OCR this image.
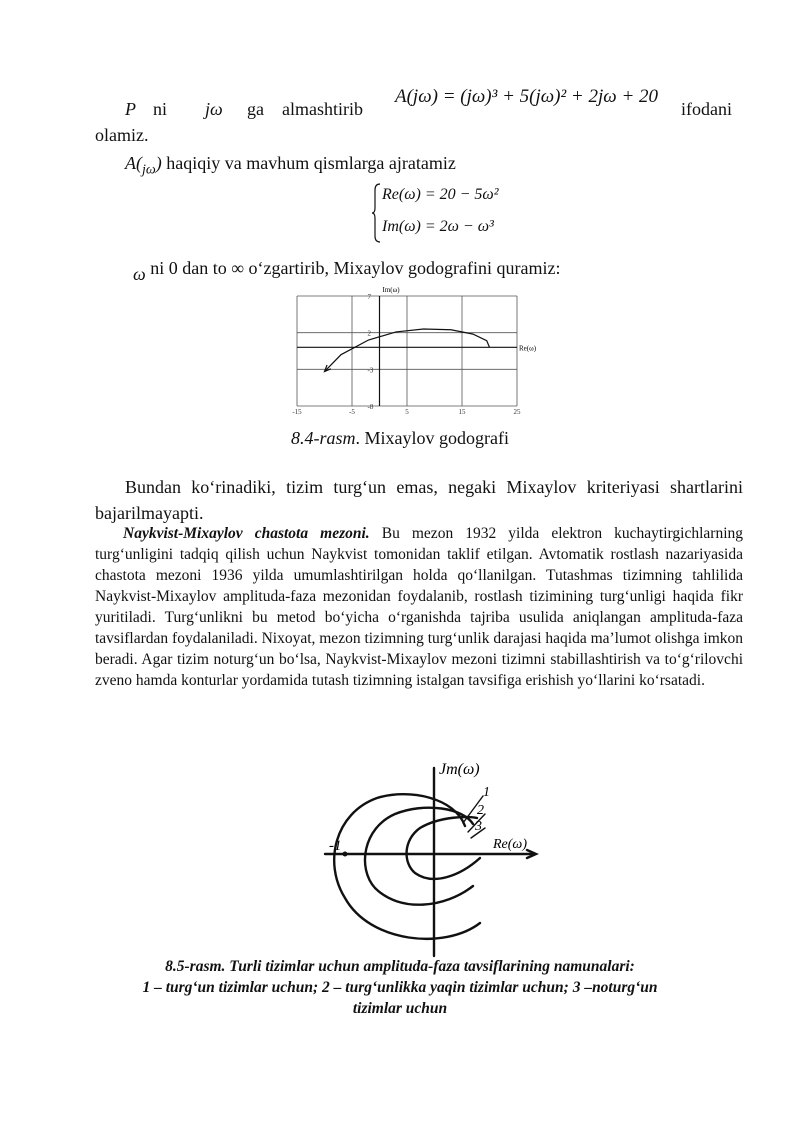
P ni jω ga almashtirib
A(jω) = (jω)³ + 5(jω)² + 2jω + 20
ifodani
olamiz.
$A(_{j\omega})$ haqiqiy va mavhum qismlarga ajratamiz
Re(ω) = 20 − 5ω²
Im(ω) = 2ω − ω³
ω ni 0 dan to ∞ o‘zgartirib, Mixaylov godografini quramiz:
-15	-5	5	15	25
7
2
-3
-8
Im(ω)
Re(ω)
8.4-rasm. Mixaylov godografi
Bundan ko‘rinadiki, tizim turg‘un emas, negaki Mixaylov kriteriyasi shartlarini bajarilmayapti.
Naykvist-Mixaylov chastota mezoni. Bu mezon 1932 yilda elektron kuchaytirgichlarning turg‘unligini tadqiq qilish uchun Naykvist tomonidan taklif etilgan. Avtomatik rostlash nazariyasida chastota mezoni 1936 yilda umumlashtirilgan holda qo‘llanilgan. Tutashmas tizimning tahlilida Naykvist-Mixaylov amplituda-faza mezonidan foydalanib, rostlash tizimining turg‘unligi haqida fikr yuritiladi. Turg‘unlikni bu metod bo‘yicha o‘rganishda tajriba usulida aniqlangan amplituda-faza tavsiflardan foydalaniladi. Nixoyat, mezon tizimning turg‘unlik darajasi haqida ma’lumot olishga imkon beradi. Agar tizim noturg‘un bo‘lsa, Naykvist-Mixaylov mezoni tizimni stabillashtirish va to‘g‘rilovchi zveno hamda konturlar yordamida tutash tizimning istalgan tavsifiga erishish yo‘llarini ko‘rsatadi.
-1
Jm(ω)
Re(ω)
1
2
3
8.5-rasm. Turli tizimlar uchun amplituda-faza tavsiflarining namunalari:
1 – turg‘un tizimlar uchun; 2 – turg‘unlikka yaqin tizimlar uchun; 3 –noturg‘un
tizimlar uchun
